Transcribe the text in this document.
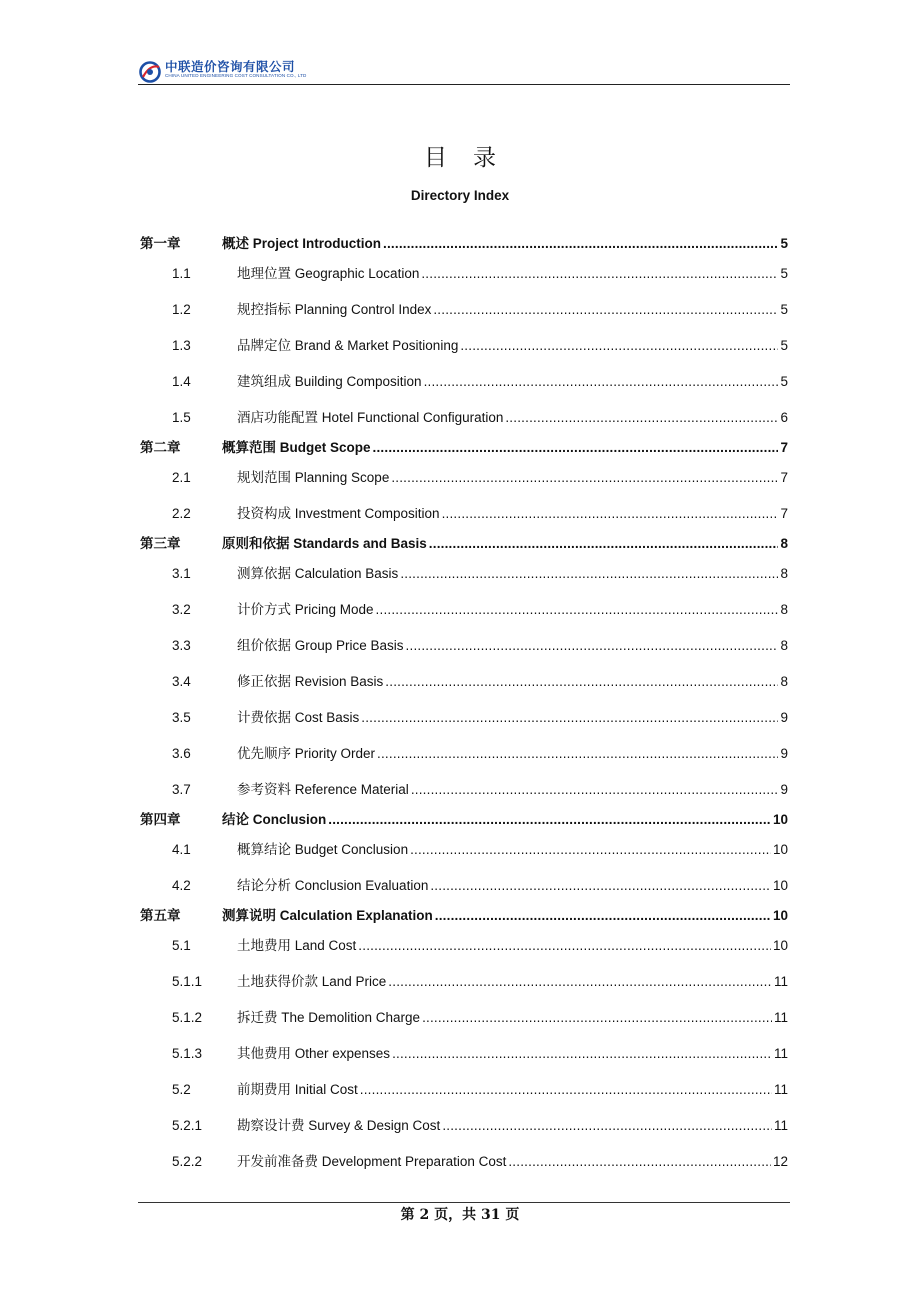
中联造价咨询有限公司
CHINA UNITED ENGINEERING COST CONSULTATION CO., LTD
目录
Directory Index
第一章	概述 Project Introduction .....	5
1.1	地理位置 Geographic Location .....	5
1.2	规控指标 Planning Control Index .....	5
1.3	品牌定位 Brand & Market Positioning .....	5
1.4	建筑组成 Building Composition .....	5
1.5	酒店功能配置 Hotel Functional Configuration .....	6
第二章	概算范围 Budget Scope .....	7
2.1	规划范围 Planning Scope .....	7
2.2	投资构成 Investment Composition .....	7
第三章	原则和依据 Standards and Basis .....	8
3.1	测算依据 Calculation Basis .....	8
3.2	计价方式 Pricing Mode .....	8
3.3	组价依据 Group Price Basis .....	8
3.4	修正依据 Revision Basis .....	8
3.5	计费依据 Cost Basis .....	9
3.6	优先顺序 Priority Order .....	9
3.7	参考资料 Reference Material .....	9
第四章	结论 Conclusion .....	10
4.1	概算结论 Budget Conclusion .....	10
4.2	结论分析 Conclusion Evaluation .....	10
第五章	测算说明 Calculation Explanation .....	10
5.1	土地费用 Land Cost .....	10
5.1.1	土地获得价款 Land Price .....	11
5.1.2	拆迁费 The Demolition Charge .....	11
5.1.3	其他费用 Other expenses .....	11
5.2	前期费用 Initial Cost .....	11
5.2.1	勘察设计费 Survey & Design Cost .....	11
5.2.2	开发前准备费 Development Preparation Cost .....	12
第 2 页，共 31 页
